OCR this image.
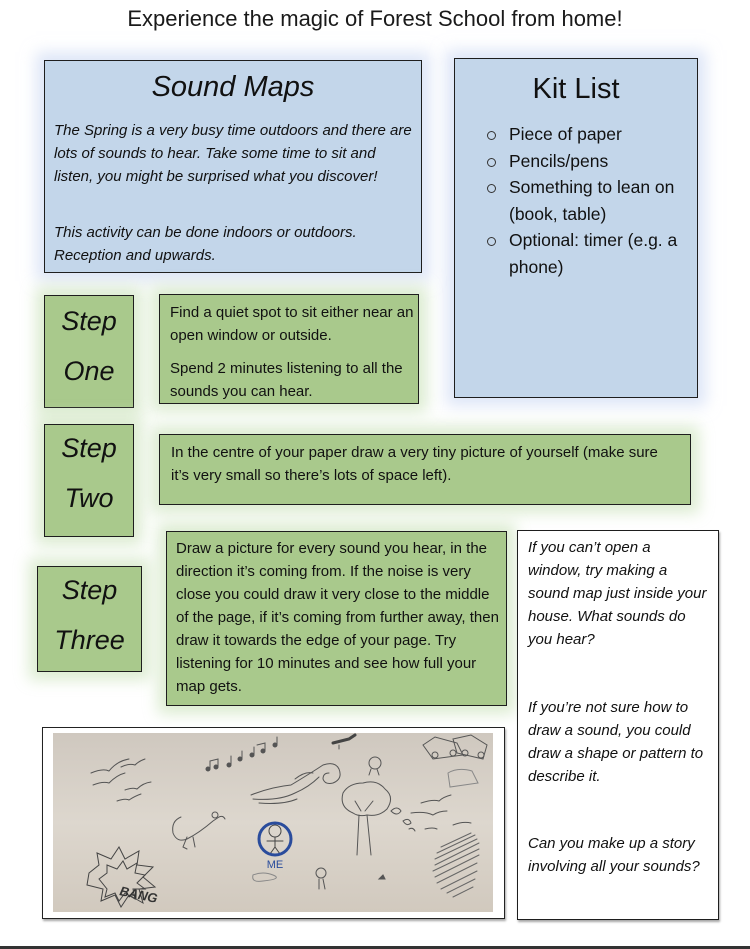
Experience the magic of Forest School from home!
Sound Maps
The Spring is a very busy time outdoors and there are lots of sounds to hear. Take some time to sit and listen, you might be surprised what you discover!
This activity can be done indoors or outdoors. Reception and upwards.
Kit List
Piece of paper
Pencils/pens
Something to lean on (book, table)
Optional: timer (e.g. a phone)
Step
One
Find a quiet spot to sit either near an open window or outside.
Spend 2 minutes listening to all the sounds you can hear.
Step
Two
In the centre of your paper draw a very tiny picture of yourself (make sure it’s very small so there’s lots of space left).
Step
Three
Draw a picture for every sound you hear, in the direction it’s coming from. If the noise is very close you could draw it very close to the middle of the page, if it’s coming from further away, then draw it towards the edge of your page. Try listening for 10 minutes and see how full your map gets.
If you can’t open a window, try making a sound map just inside your house. What sounds do you hear?
If you’re not sure how to draw a sound, you could draw a shape or pattern to describe it.
Can you make up a story involving all your sounds?
ME
BANG
